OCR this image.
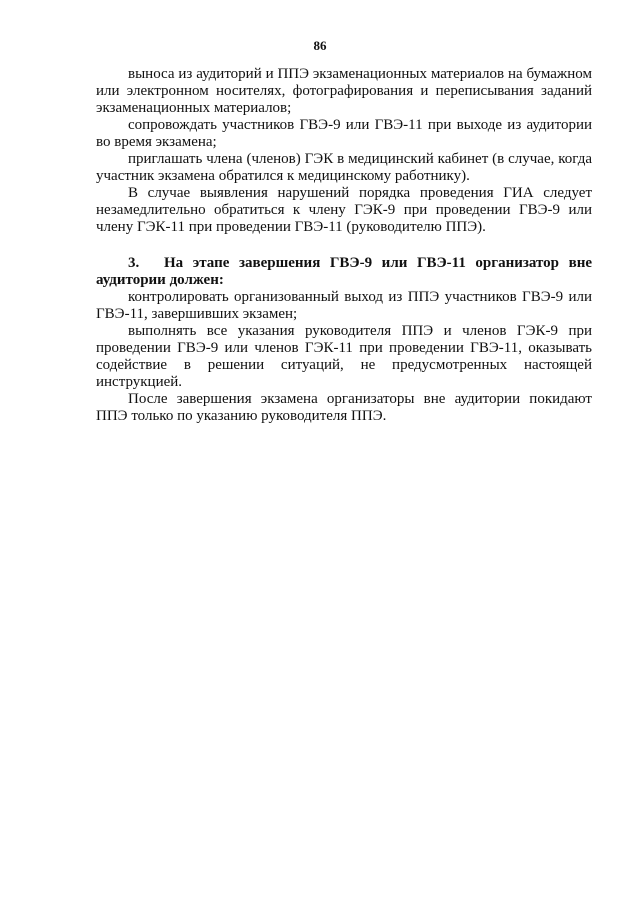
86

выноса из аудиторий и ППЭ экзаменационных материалов на бумажном или электронном носителях, фотографирования и переписывания заданий экзаменационных материалов;

сопровождать участников ГВЭ-9 или ГВЭ-11 при выходе из аудитории во время экзамена;

приглашать члена (членов) ГЭК в медицинский кабинет (в случае, когда участник экзамена обратился к медицинскому работнику).

В случае выявления нарушений порядка проведения ГИА следует незамедлительно обратиться к члену ГЭК-9 при проведении ГВЭ-9 или члену ГЭК-11 при проведении ГВЭ-11 (руководителю ППЭ).

3. На этапе завершения ГВЭ-9 или ГВЭ-11 организатор вне аудитории должен:

контролировать организованный выход из ППЭ участников ГВЭ-9 или ГВЭ-11, завершивших экзамен;

выполнять все указания руководителя ППЭ и членов ГЭК-9 при проведении ГВЭ-9 или членов ГЭК-11 при проведении ГВЭ-11, оказывать содействие в решении ситуаций, не предусмотренных настоящей инструкцией.

После завершения экзамена организаторы вне аудитории покидают ППЭ только по указанию руководителя ППЭ.
